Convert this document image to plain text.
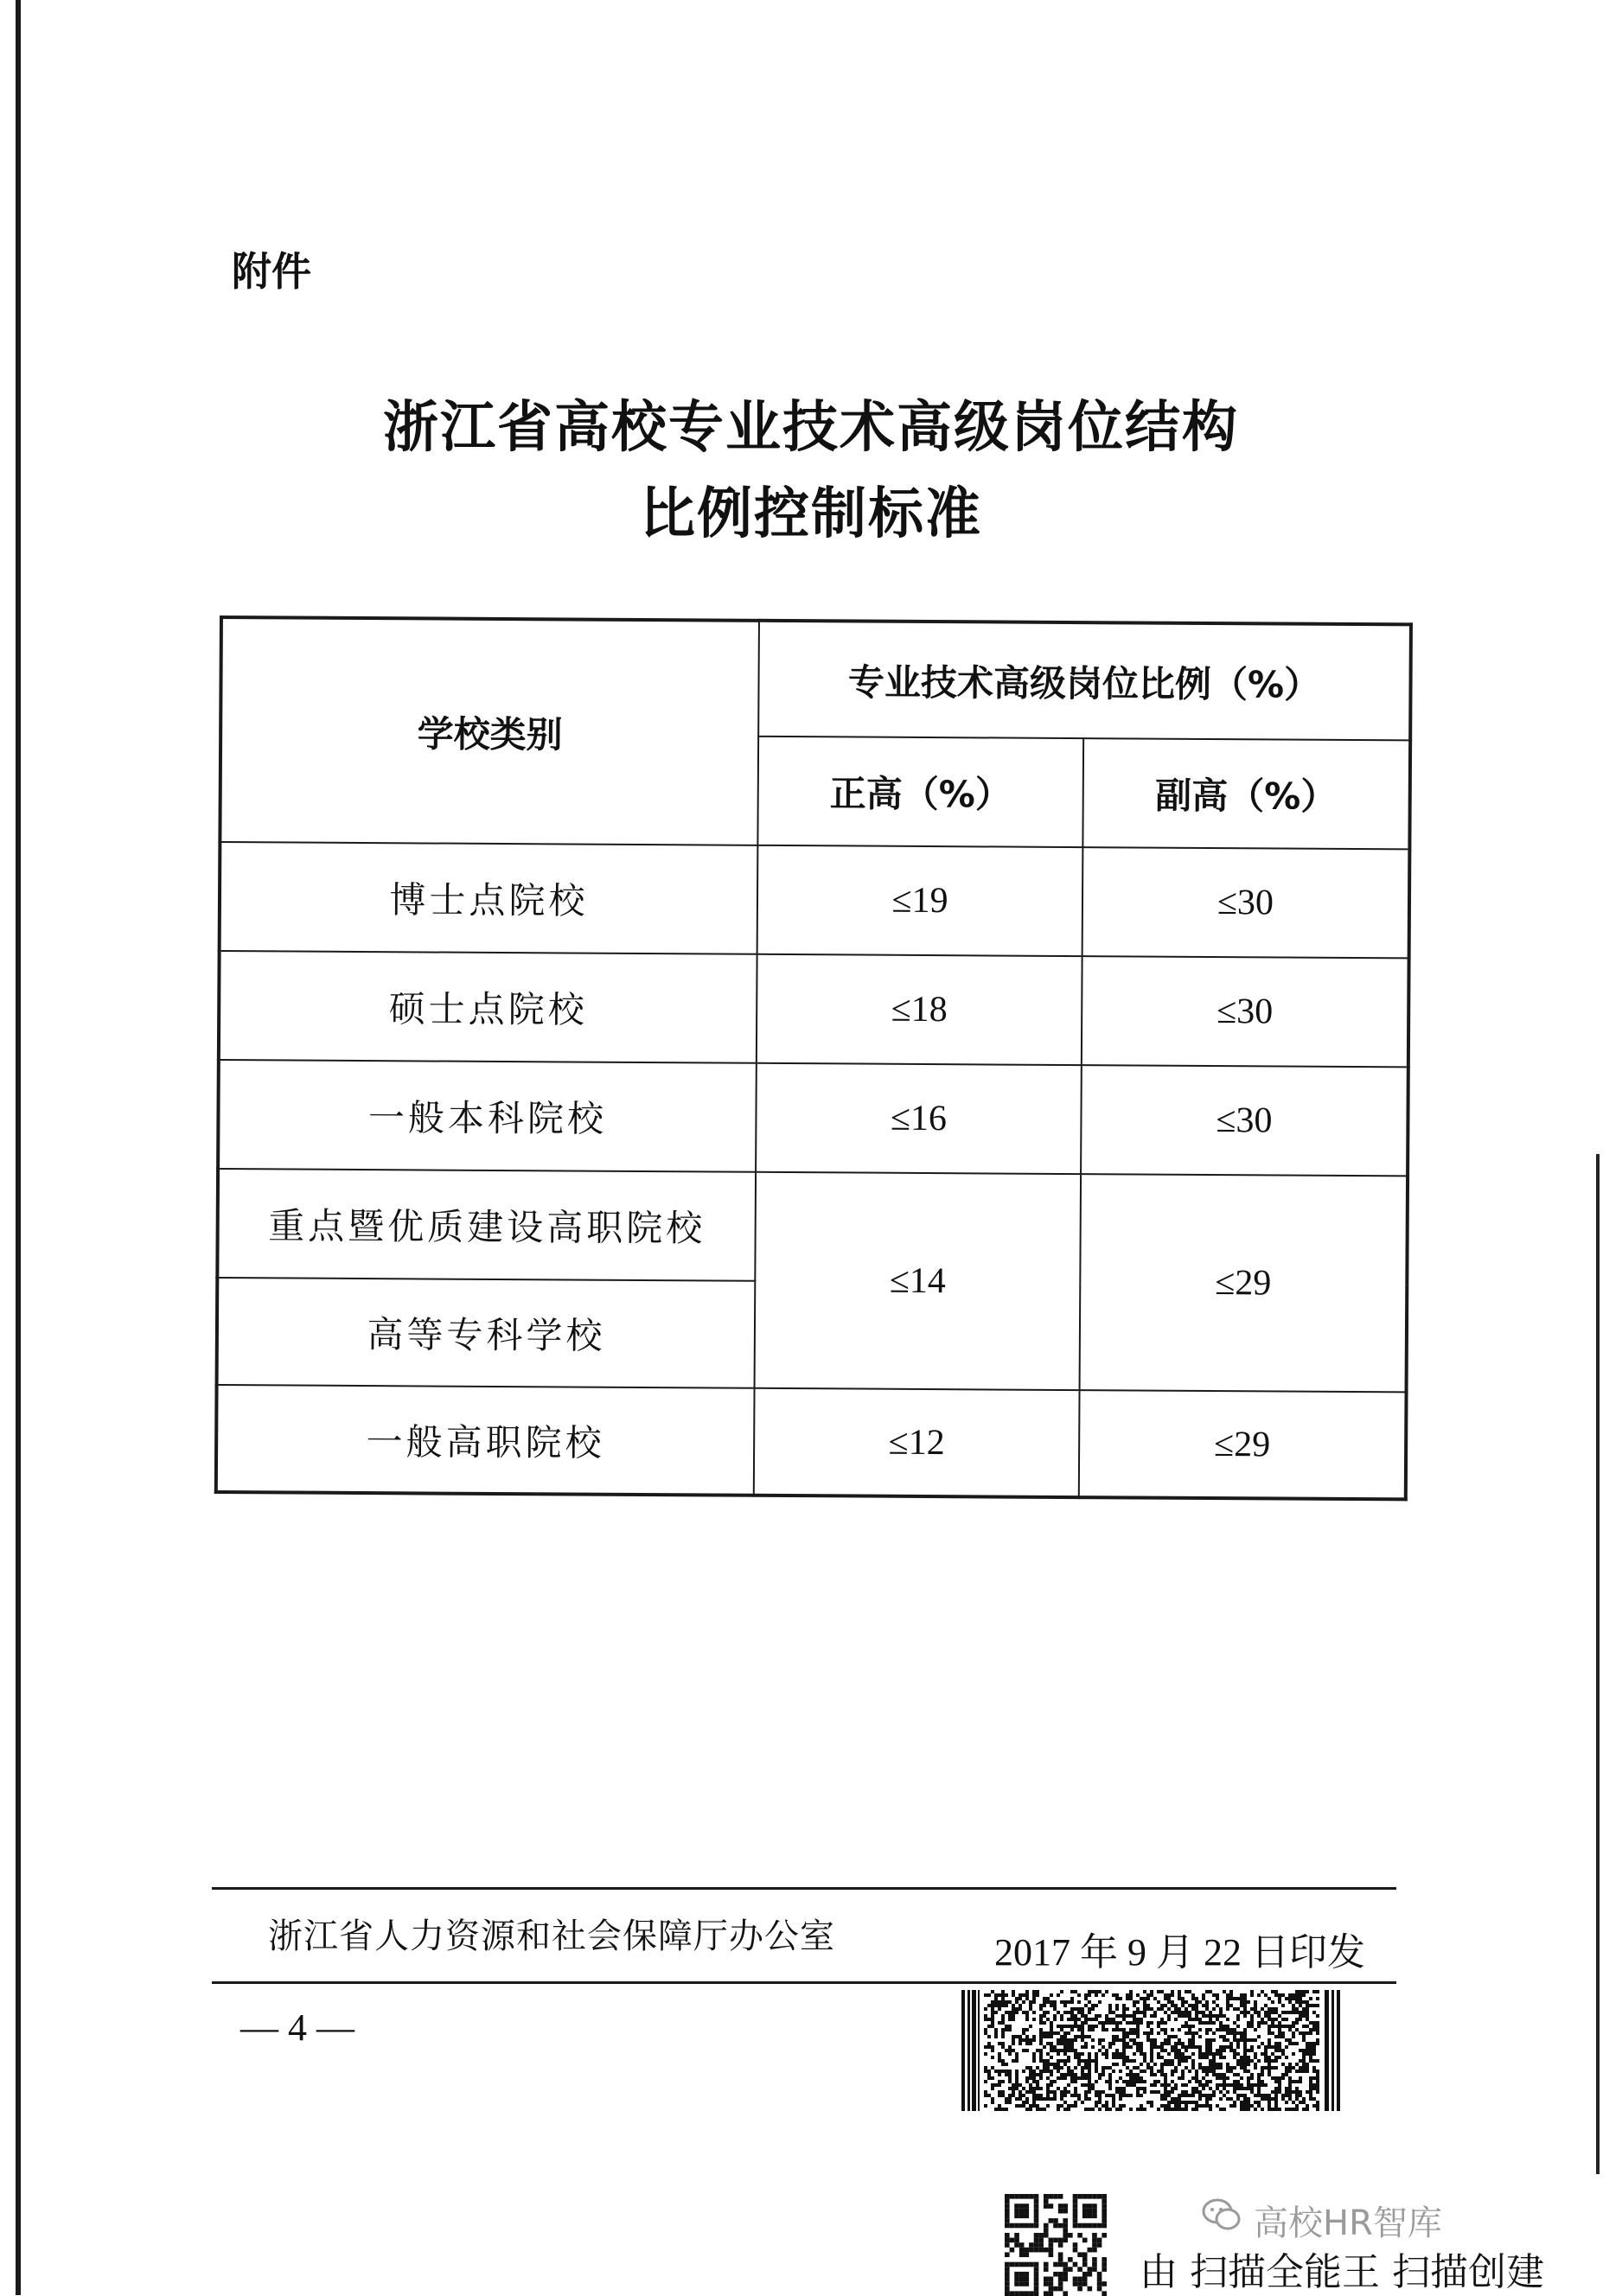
附件
浙江省高校专业技术高级岗位结构
比例控制标准
学校类别	专业技术高级岗位比例（%）	
	正高（%）	副高（%）
博士点院校	≤19	≤30
硕士点院校	≤18	≤30
一般本科院校	≤16	≤30
重点暨优质建设高职院校	≤14	≤29
高等专科学校		
一般高职院校	≤12	≤29
浙江省人力资源和社会保障厅办公室	2017 年 9 月 22 日印发
— 4 —
高校HR智库
由 扫描全能王 扫描创建
